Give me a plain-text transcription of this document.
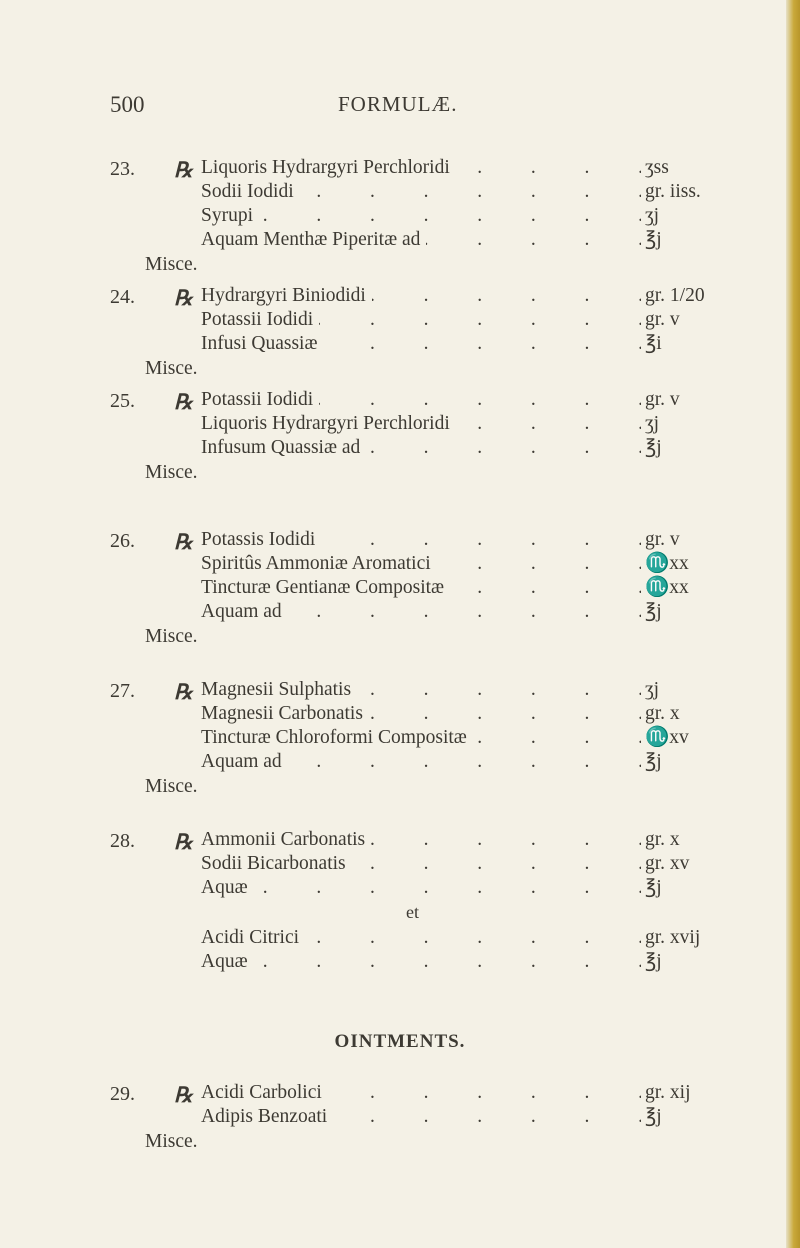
500	FORMULÆ.
23. ℞ Liquoris Hydrargyri Perchloridi	ʒss
Sodii Iodidi	gr. iiss.
Syrupi	ʒj
Aquam Menthæ Piperitæ ad	℥j
Misce.
24. ℞ Hydrargyri Biniodidi	gr. 1/20
Potassii Iodidi	gr. v
Infusi Quassiæ	℥i
Misce.
25. ℞ Potassii Iodidi	gr. v
Liquoris Hydrargyri Perchloridi	ʒj
Infusum Quassiæ ad	℥j
Misce.
26. ℞ Potassis Iodidi	gr. v
Spiritûs Ammoniæ Aromatici	♏xx
Tincturæ Gentianæ Compositæ	♏xx
Aquam ad	℥j
Misce.
27. ℞ Magnesii Sulphatis	ʒj
Magnesii Carbonatis	gr. x
Tincturæ Chloroformi Compositæ	♏xv
Aquam ad	℥j
Misce.
28. ℞ Ammonii Carbonatis	gr. x
Sodii Bicarbonatis	gr. xv
Aquæ	℥j
et
Acidi Citrici	gr. xvij
Aquæ	℥j
OINTMENTS.
29. ℞ Acidi Carbolici	gr. xij
Adipis Benzoati	℥j
Misce.
